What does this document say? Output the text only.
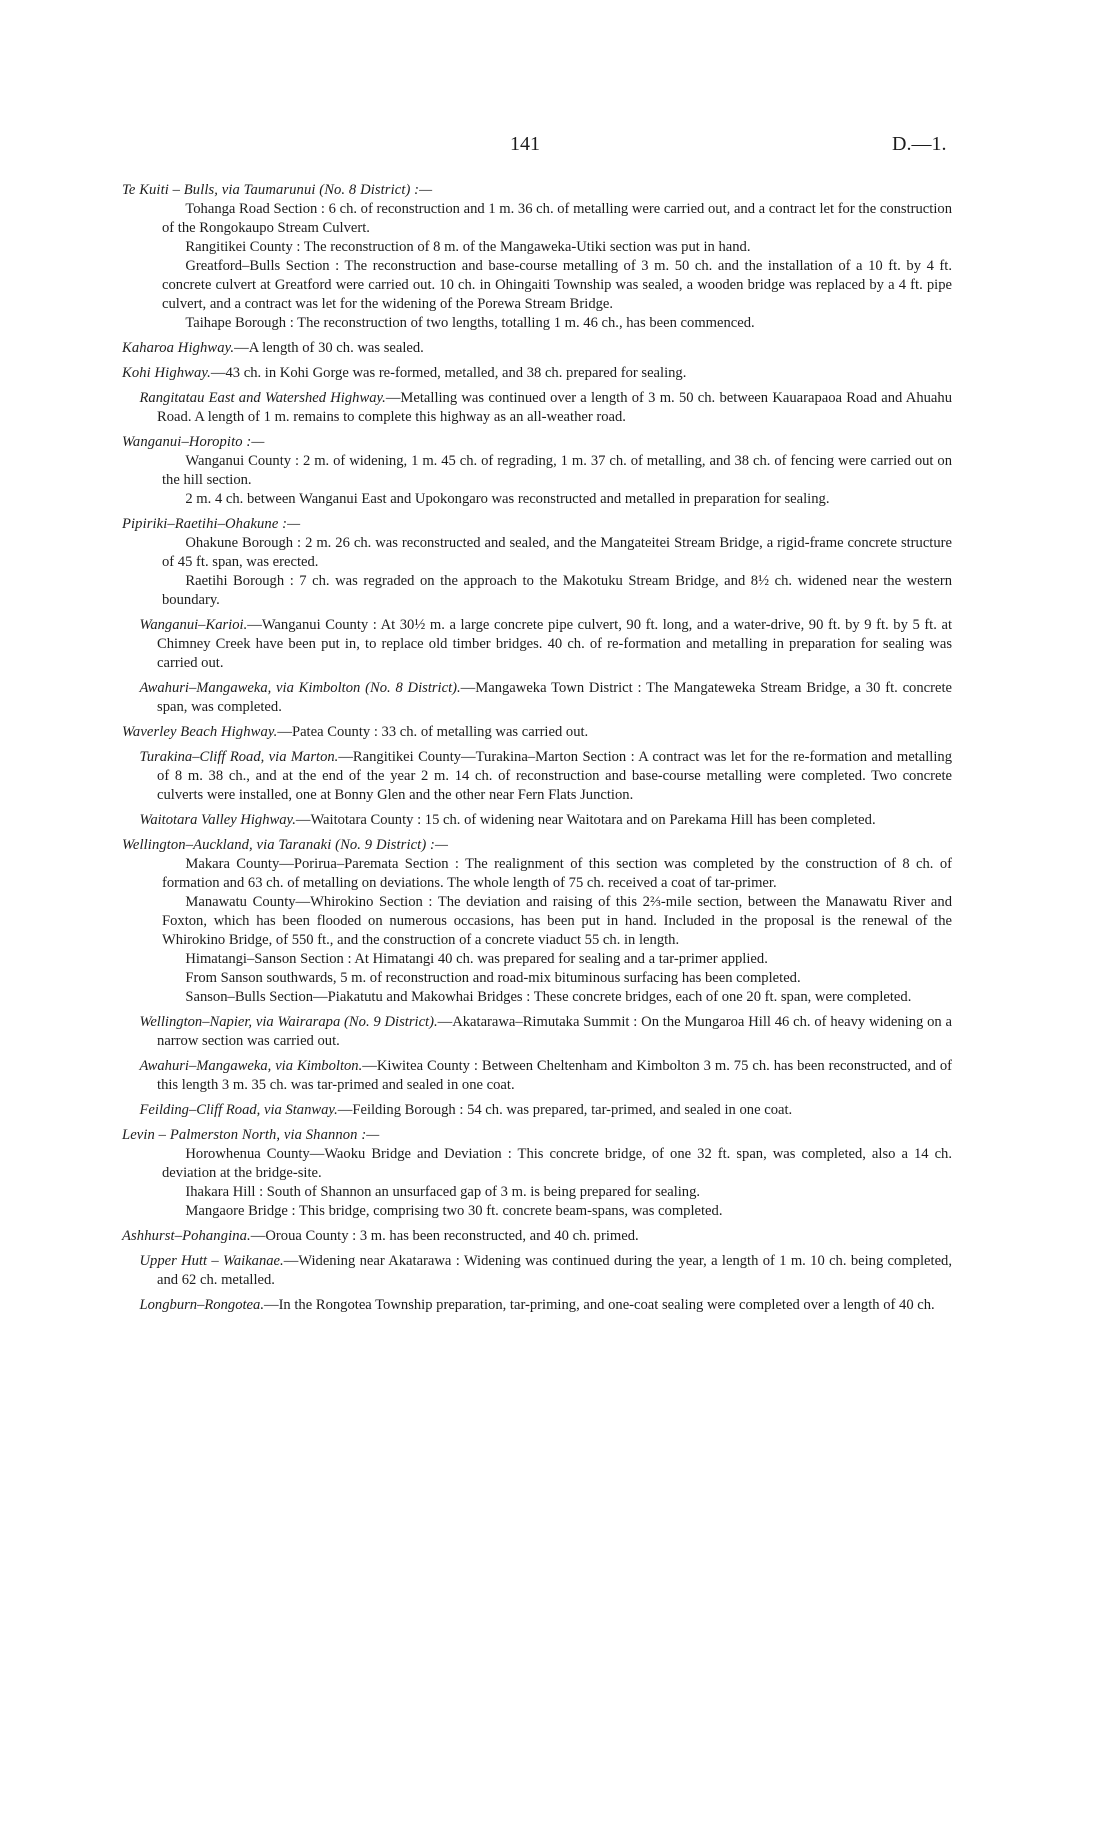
141	D.—1.

Te Kuiti – Bulls, via Taumarunui (No. 8 District) :—

Tohanga Road Section : 6 ch. of reconstruction and 1 m. 36 ch. of metalling were carried out, and a contract let for the construction of the Rongokaupo Stream Culvert.

Rangitikei County : The reconstruction of 8 m. of the Mangaweka-Utiki section was put in hand.

Greatford–Bulls Section : The reconstruction and base-course metalling of 3 m. 50 ch. and the installation of a 10 ft. by 4 ft. concrete culvert at Greatford were carried out. 10 ch. in Ohingaiti Township was sealed, a wooden bridge was replaced by a 4 ft. pipe culvert, and a contract was let for the widening of the Porewa Stream Bridge.

Taihape Borough : The reconstruction of two lengths, totalling 1 m. 46 ch., has been commenced.

Kaharoa Highway.—A length of 30 ch. was sealed.

Kohi Highway.—43 ch. in Kohi Gorge was re-formed, metalled, and 38 ch. prepared for sealing.

Rangitatau East and Watershed Highway.—Metalling was continued over a length of 3 m. 50 ch. between Kauarapaoa Road and Ahuahu Road. A length of 1 m. remains to complete this highway as an all-weather road.

Wanganui–Horopito :—

Wanganui County : 2 m. of widening, 1 m. 45 ch. of regrading, 1 m. 37 ch. of metalling, and 38 ch. of fencing were carried out on the hill section.

2 m. 4 ch. between Wanganui East and Upokongaro was reconstructed and metalled in preparation for sealing.

Pipiriki–Raetihi–Ohakune :—

Ohakune Borough : 2 m. 26 ch. was reconstructed and sealed, and the Mangateitei Stream Bridge, a rigid-frame concrete structure of 45 ft. span, was erected.

Raetihi Borough : 7 ch. was regraded on the approach to the Makotuku Stream Bridge, and 8½ ch. widened near the western boundary.

Wanganui–Kariοi.—Wanganui County : At 30½ m. a large concrete pipe culvert, 90 ft. long, and a water-drive, 90 ft. by 9 ft. by 5 ft. at Chimney Creek have been put in, to replace old timber bridges. 40 ch. of re-formation and metalling in preparation for sealing was carried out.

Awahuri–Mangaweka, via Kimbolton (No. 8 District).—Mangaweka Town District : The Mangateweka Stream Bridge, a 30 ft. concrete span, was completed.

Waverley Beach Highway.—Patea County : 33 ch. of metalling was carried out.

Turakina–Cliff Road, via Marton.—Rangitikei County—Turakina–Marton Section : A contract was let for the re-formation and metalling of 8 m. 38 ch., and at the end of the year 2 m. 14 ch. of reconstruction and base-course metalling were completed. Two concrete culverts were installed, one at Bonny Glen and the other near Fern Flats Junction.

Waitotara Valley Highway.—Waitotara County : 15 ch. of widening near Waitotara and on Parekama Hill has been completed.

Wellington–Auckland, via Taranaki (No. 9 District) :—

Makara County—Porirua–Paremata Section : The realignment of this section was completed by the construction of 8 ch. of formation and 63 ch. of metalling on deviations. The whole length of 75 ch. received a coat of tar-primer.

Manawatu County—Whirokino Section : The deviation and raising of this 2⅔-mile section, between the Manawatu River and Foxton, which has been flooded on numerous occasions, has been put in hand. Included in the proposal is the renewal of the Whirokino Bridge, of 550 ft., and the construction of a concrete viaduct 55 ch. in length.

Himatangi–Sanson Section : At Himatangi 40 ch. was prepared for sealing and a tar-primer applied.

From Sanson southwards, 5 m. of reconstruction and road-mix bituminous surfacing has been completed.

Sanson–Bulls Section—Piakatutu and Makowhai Bridges : These concrete bridges, each of one 20 ft. span, were completed.

Wellington–Napier, via Wairarapa (No. 9 District).—Akatarawa–Rimutaka Summit : On the Mungaroa Hill 46 ch. of heavy widening on a narrow section was carried out.

Awahuri–Mangaweka, via Kimbolton.—Kiwitea County : Between Cheltenham and Kimbolton 3 m. 75 ch. has been reconstructed, and of this length 3 m. 35 ch. was tar-primed and sealed in one coat.

Feilding–Cliff Road, via Stanway.—Feilding Borough : 54 ch. was prepared, tar-primed, and sealed in one coat.

Levin – Palmerston North, via Shannon :—

Horowhenua County—Waoku Bridge and Deviation : This concrete bridge, of one 32 ft. span, was completed, also a 14 ch. deviation at the bridge-site.

Ihakara Hill : South of Shannon an unsurfaced gap of 3 m. is being prepared for sealing.

Mangaore Bridge : This bridge, comprising two 30 ft. concrete beam-spans, was completed.

Ashhurst–Pohangina.—Oroua County : 3 m. has been reconstructed, and 40 ch. primed.

Upper Hutt – Waikanae.—Widening near Akatarawa : Widening was continued during the year, a length of 1 m. 10 ch. being completed, and 62 ch. metalled.

Longburn–Rongotea.—In the Rongotea Township preparation, tar-priming, and one-coat sealing were completed over a length of 40 ch.
